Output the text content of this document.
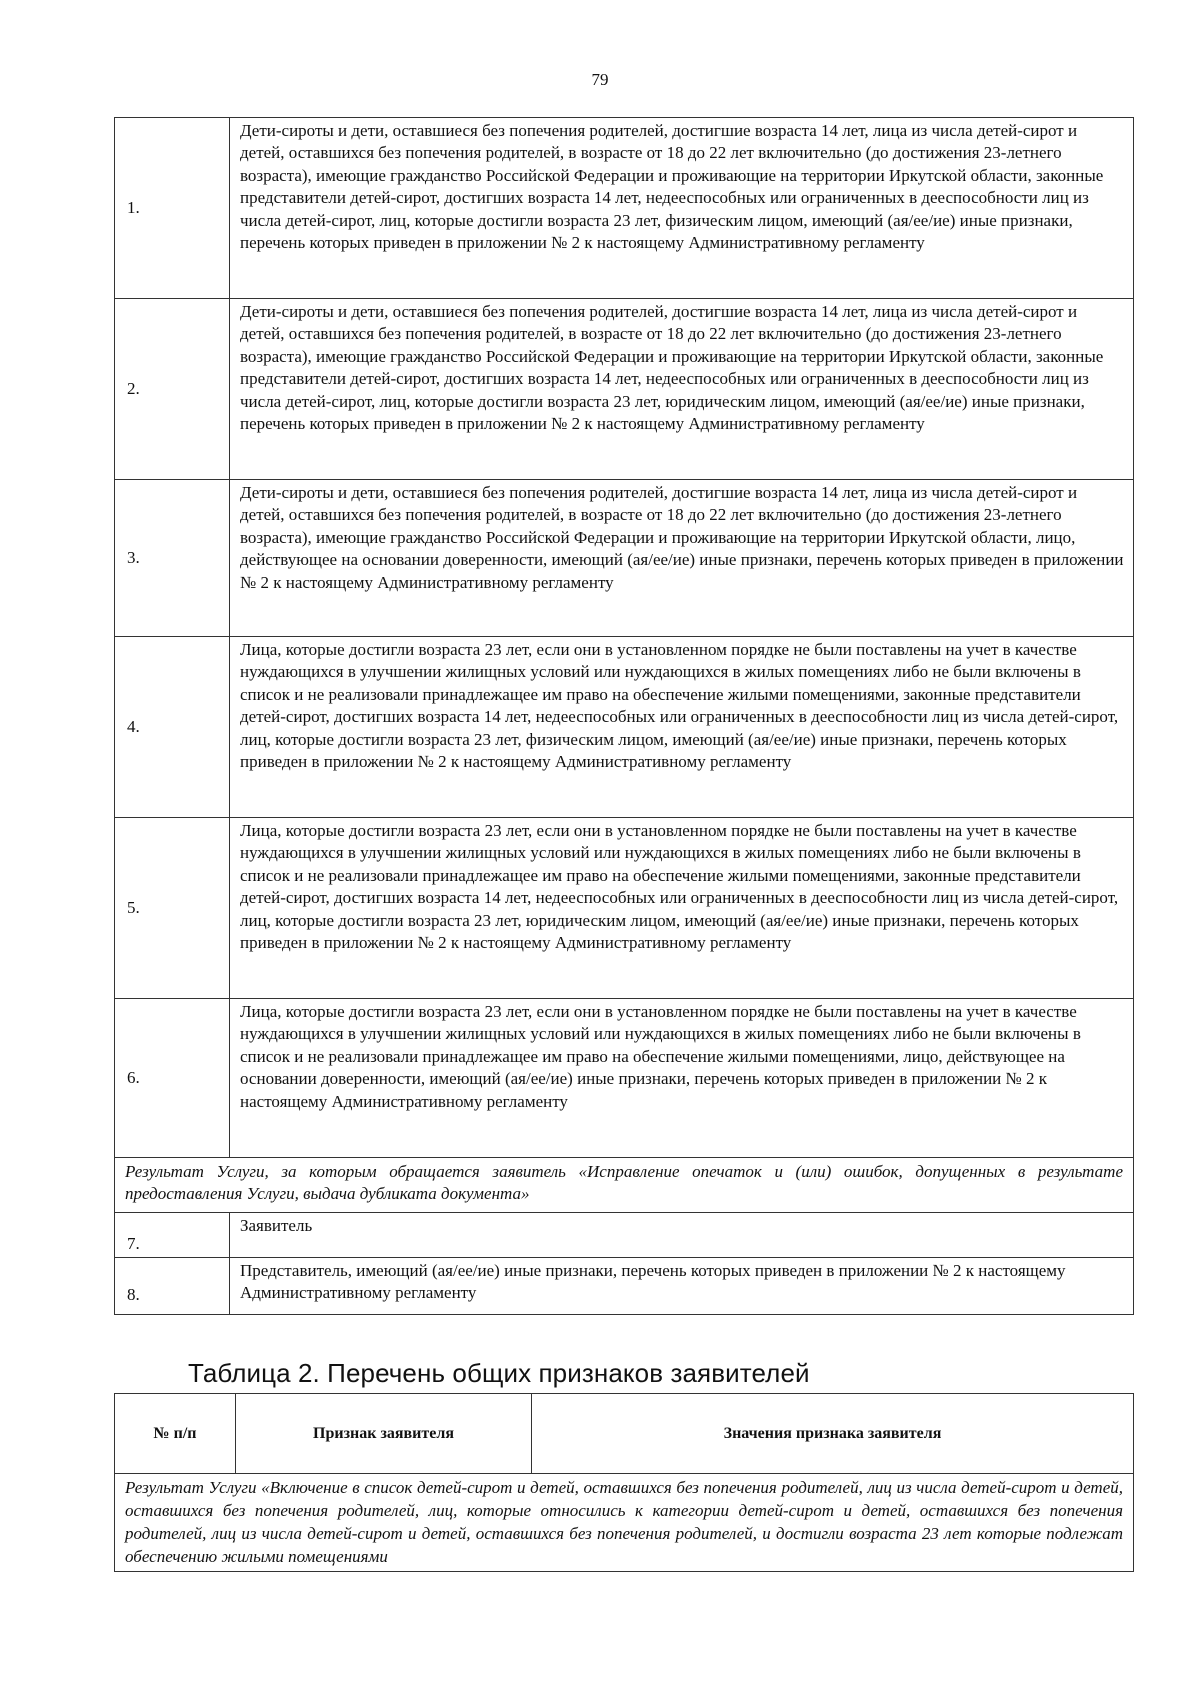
79
1.	Дети-сироты и дети, оставшиеся без попечения родителей, достигшие возраста 14 лет, лица из числа детей-сирот и детей, оставшихся без попечения родителей, в возрасте от 18 до 22 лет включительно (до достижения 23-летнего возраста), имеющие гражданство Российской Федерации и проживающие на территории Иркутской области, законные представители детей-сирот, достигших возраста 14 лет, недееспособных или ограниченных в дееспособности лиц из числа детей-сирот, лиц, которые достигли возраста 23 лет, физическим лицом, имеющий (ая/ее/ие) иные признаки, перечень которых приведен в приложении № 2 к настоящему Административному регламенту
2.	Дети-сироты и дети, оставшиеся без попечения родителей, достигшие возраста 14 лет, лица из числа детей-сирот и детей, оставшихся без попечения родителей, в возрасте от 18 до 22 лет включительно (до достижения 23-летнего возраста), имеющие гражданство Российской Федерации и проживающие на территории Иркутской области, законные представители детей-сирот, достигших возраста 14 лет, недееспособных или ограниченных в дееспособности лиц из числа детей-сирот, лиц, которые достигли возраста 23 лет, юридическим лицом, имеющий (ая/ее/ие) иные признаки, перечень которых приведен в приложении № 2 к настоящему Административному регламенту
3.	Дети-сироты и дети, оставшиеся без попечения родителей, достигшие возраста 14 лет, лица из числа детей-сирот и детей, оставшихся без попечения родителей, в возрасте от 18 до 22 лет включительно (до достижения 23-летнего возраста), имеющие гражданство Российской Федерации и проживающие на территории Иркутской области, лицо, действующее на основании доверенности, имеющий (ая/ее/ие) иные признаки, перечень которых приведен в приложении № 2 к настоящему Административному регламенту
4.	Лица, которые достигли возраста 23 лет, если они в установленном порядке не были поставлены на учет в качестве нуждающихся в улучшении жилищных условий или нуждающихся в жилых помещениях либо не были включены в список и не реализовали принадлежащее им право на обеспечение жилыми помещениями, законные представители детей-сирот, достигших возраста 14 лет, недееспособных или ограниченных в дееспособности лиц из числа детей-сирот, лиц, которые достигли возраста 23 лет, физическим лицом, имеющий (ая/ее/ие) иные признаки, перечень которых приведен в приложении № 2 к настоящему Административному регламенту
5.	Лица, которые достигли возраста 23 лет, если они в установленном порядке не были поставлены на учет в качестве нуждающихся в улучшении жилищных условий или нуждающихся в жилых помещениях либо не были включены в список и не реализовали принадлежащее им право на обеспечение жилыми помещениями, законные представители детей-сирот, достигших возраста 14 лет, недееспособных или ограниченных в дееспособности лиц из числа детей-сирот, лиц, которые достигли возраста 23 лет, юридическим лицом, имеющий (ая/ее/ие) иные признаки, перечень которых приведен в приложении № 2 к настоящему Административному регламенту
6.	Лица, которые достигли возраста 23 лет, если они в установленном порядке не были поставлены на учет в качестве нуждающихся в улучшении жилищных условий или нуждающихся в жилых помещениях либо не были включены в список и не реализовали принадлежащее им право на обеспечение жилыми помещениями, лицо, действующее на основании доверенности, имеющий (ая/ее/ие) иные признаки, перечень которых приведен в приложении № 2 к настоящему Административному регламенту
Результат Услуги, за которым обращается заявитель «Исправление опечаток и (или) ошибок, допущенных в результате предоставления Услуги, выдача дубликата документа»	
7.	Заявитель
8.	Представитель, имеющий (ая/ее/ие) иные признаки, перечень которых приведен в приложении № 2 к настоящему Административному регламенту
Таблица 2. Перечень общих признаков заявителей
№ п/п	Признак заявителя	Значения признака заявителя
Результат Услуги «Включение в список детей-сирот и детей, оставшихся без попечения родителей, лиц из числа детей-сирот и детей, оставшихся без попечения родителей, лиц, которые относились к категории детей-сирот и детей, оставшихся без попечения родителей, лиц из числа детей-сирот и детей, оставшихся без попечения родителей, и достигли возраста 23 лет которые подлежат обеспечению жилыми помещениями
